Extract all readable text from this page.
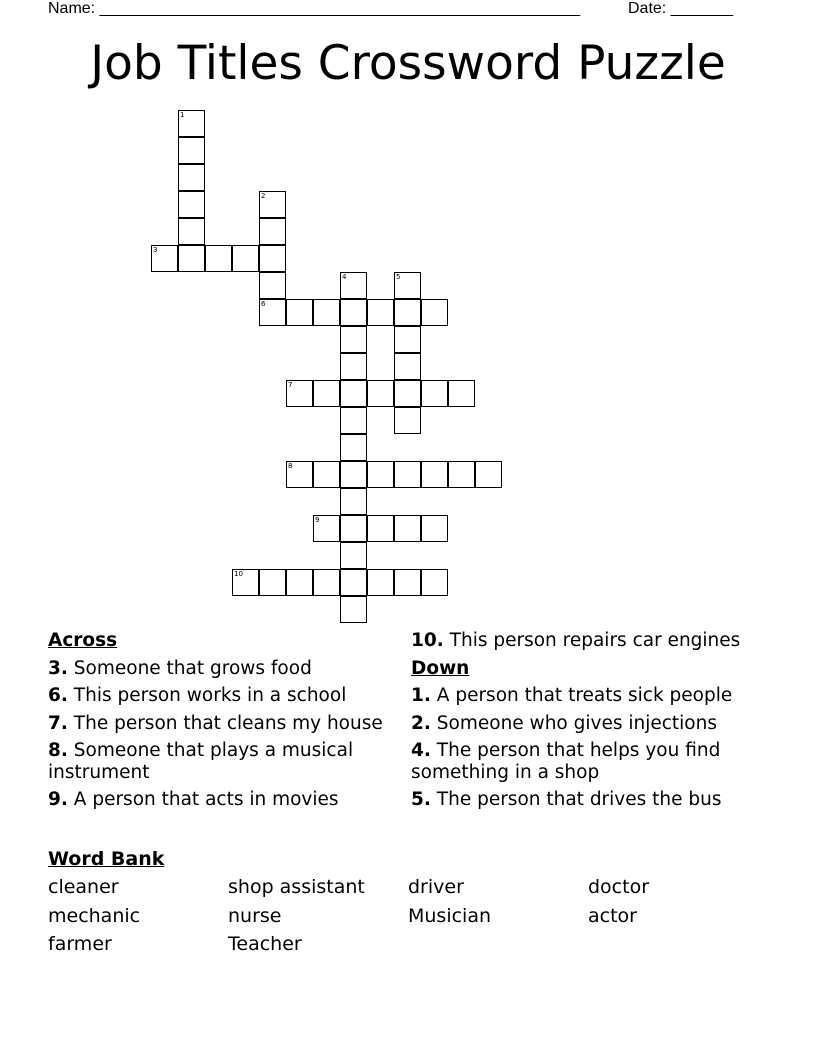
Name: ______________________________________________________	Date: _______
Job Titles Crossword Puzzle
1
2
3
4	5
6
7
8
9
10
Across
3. Someone that grows food
6. This person works in a school
7. The person that cleans my house
8. Someone that plays a musical instrument
9. A person that acts in movies
10. This person repairs car engines
Down
1. A person that treats sick people
2. Someone who gives injections
4. The person that helps you find something in a shop
5. The person that drives the bus
Word Bank
cleaner	shop assistant	driver	doctor
mechanic	nurse	Musician	actor
farmer	Teacher
